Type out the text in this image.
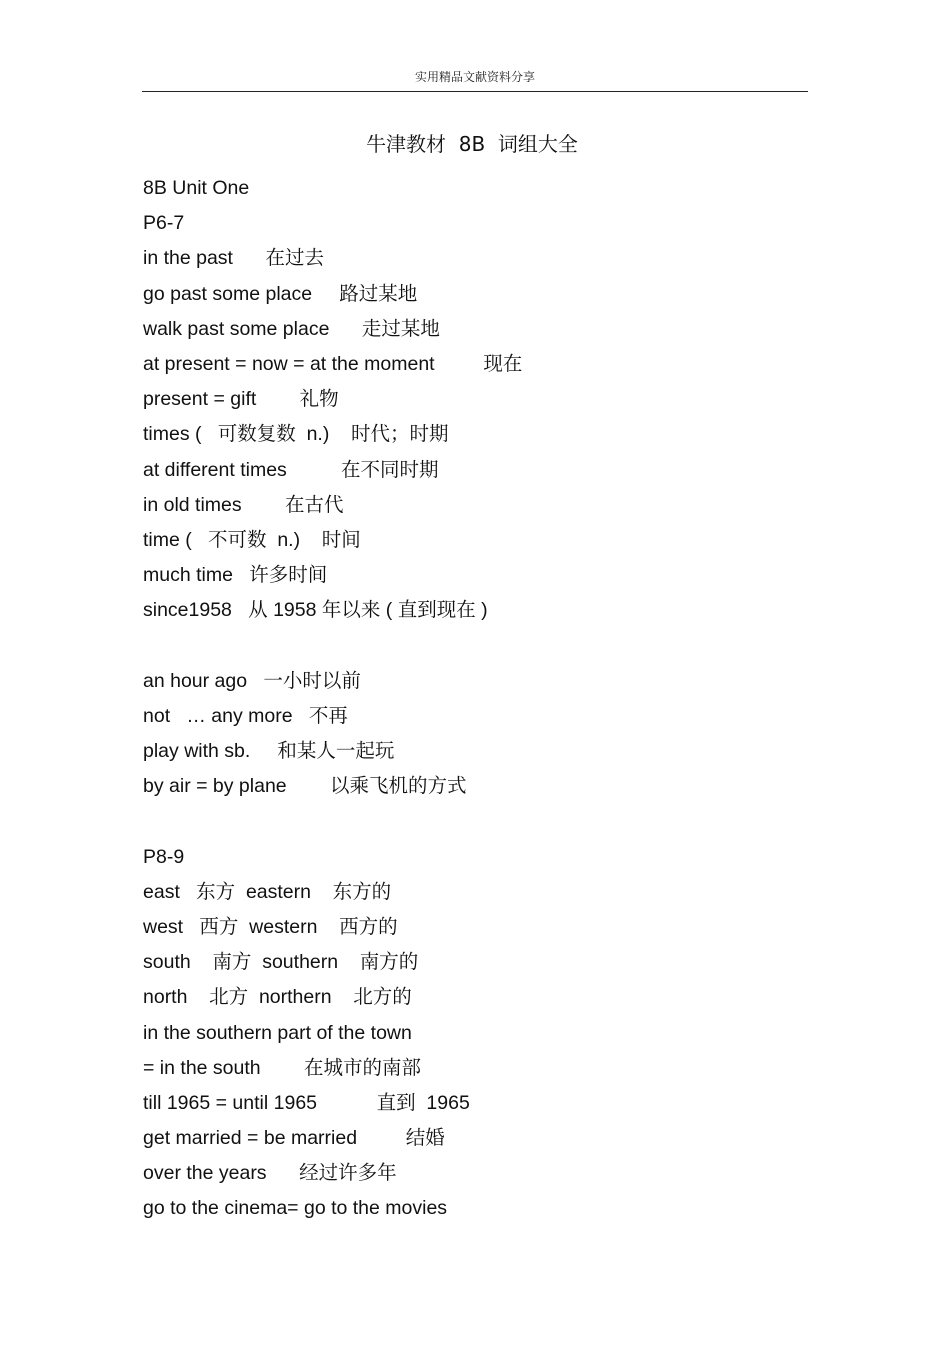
实用精品文献资料分享
牛津教材  8B  词组大全
8B Unit One
P6-7
in the past      在过去
go past some place     路过某地
walk past some place      走过某地
at present = now = at the moment         现在
present = gift        礼物
times (   可数复数  n.)    时代；时期
at different times          在不同时期
in old times        在古代
time (   不可数  n.)    时间
much time   许多时间
since1958   从 1958 年以来 ( 直到现在 )
an hour ago   一小时以前
not   … any more   不再
play with sb.     和某人一起玩
by air = by plane        以乘飞机的方式
P8-9
east   东方  eastern    东方的
west   西方  western    西方的
south    南方  southern    南方的
north    北方  northern    北方的
in the southern part of the town
= in the south        在城市的南部
till 1965 = until 1965           直到  1965
get married = be married         结婚
over the years      经过许多年
go to the cinema= go to the movies
